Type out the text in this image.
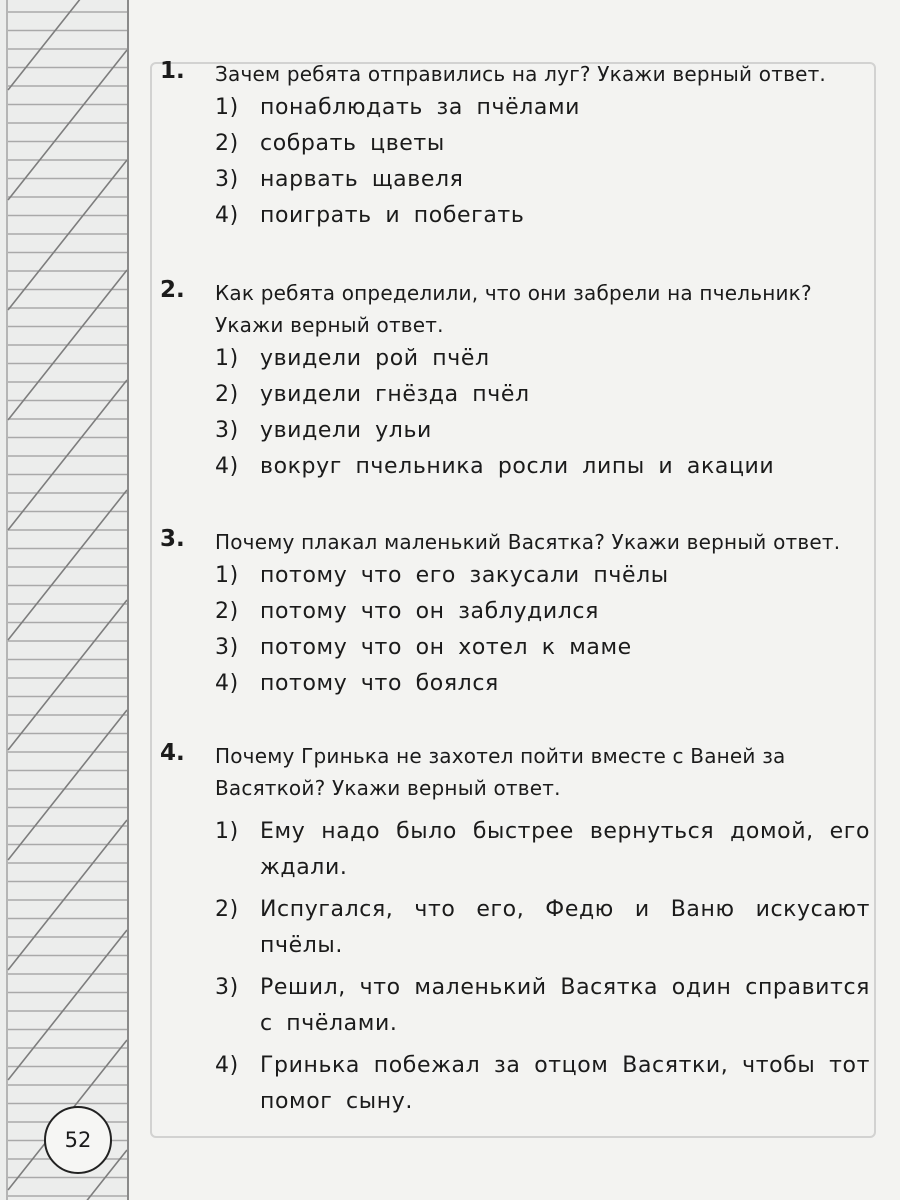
1. Зачем ребята отправились на луг? Укажи верный ответ.
1) понаблюдать за пчёлами
2) собрать цветы
3) нарвать щавеля
4) поиграть и побегать
2. Как ребята определили, что они забрели на пчельник? Укажи верный ответ.
1) увидели рой пчёл
2) увидели гнёзда пчёл
3) увидели ульи
4) вокруг пчельника росли липы и акации
3. Почему плакал маленький Васятка? Укажи верный ответ.
1) потому что его закусали пчёлы
2) потому что он заблудился
3) потому что он хотел к маме
4) потому что боялся
4. Почему Гринька не захотел пойти вместе с Ваней за Васяткой? Укажи верный ответ.
1) Ему надо было быстрее вернуться домой, его ждали.
2) Испугался, что его, Федю и Ваню искусают пчёлы.
3) Решил, что маленький Васятка один справится с пчёлами.
4) Гринька побежал за отцом Васятки, чтобы тот помог сыну.
52
